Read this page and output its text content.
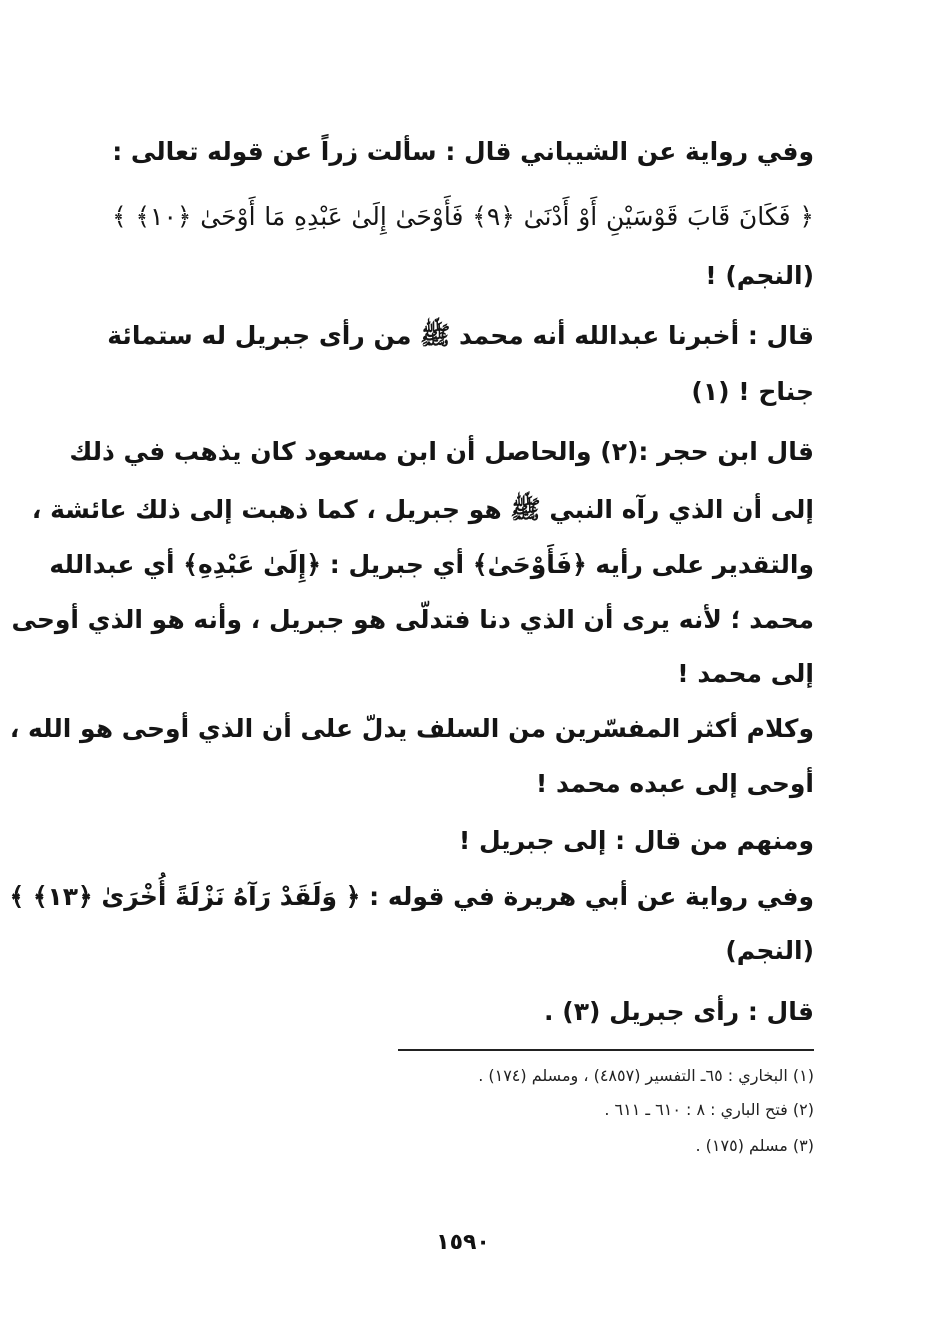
وفي رواية عن الشيباني قال : سألت زراً عن قوله تعالى :
﴿ فَكَانَ قَابَ قَوْسَيْنِ أَوْ أَدْنَىٰ ﴿٩﴾ فَأَوْحَىٰ إِلَىٰ عَبْدِهِ مَا أَوْحَىٰ ﴿١٠﴾ ﴾
(النجم) !
قال : أخبرنا عبدالله أنه محمد ﷺ من رأى جبريل له ستمائة
جناح ! (١)
قال ابن حجر :(٢) والحاصل أن ابن مسعود كان يذهب في ذلك
إلى أن الذي رآه النبي ﷺ هو جبريل ، كما ذهبت إلى ذلك عائشة ،
والتقدير على رأيه ﴿فَأَوْحَىٰ﴾ أي جبريل : ﴿إِلَىٰ عَبْدِهِ﴾ أي عبدالله
محمد ؛ لأنه يرى أن الذي دنا فتدلّى هو جبريل ، وأنه هو الذي أوحى
إلى محمد !
وكلام أكثر المفسّرين من السلف يدلّ على أن الذي أوحى هو الله ،
أوحى إلى عبده محمد !
ومنهم من قال : إلى جبريل !
وفي رواية عن أبي هريرة في قوله : ﴿ وَلَقَدْ رَآهُ نَزْلَةً أُخْرَىٰ ﴿١٣﴾ ﴾
(النجم)
قال : رأى جبريل (٣) .
(١) البخاري : ٦٥ـ التفسير (٤٨٥٧) ، ومسلم (١٧٤) .
(٢) فتح الباري : ٨ : ٦١٠ ـ ٦١١ .
(٣) مسلم (١٧٥) .
١٥٩٠
